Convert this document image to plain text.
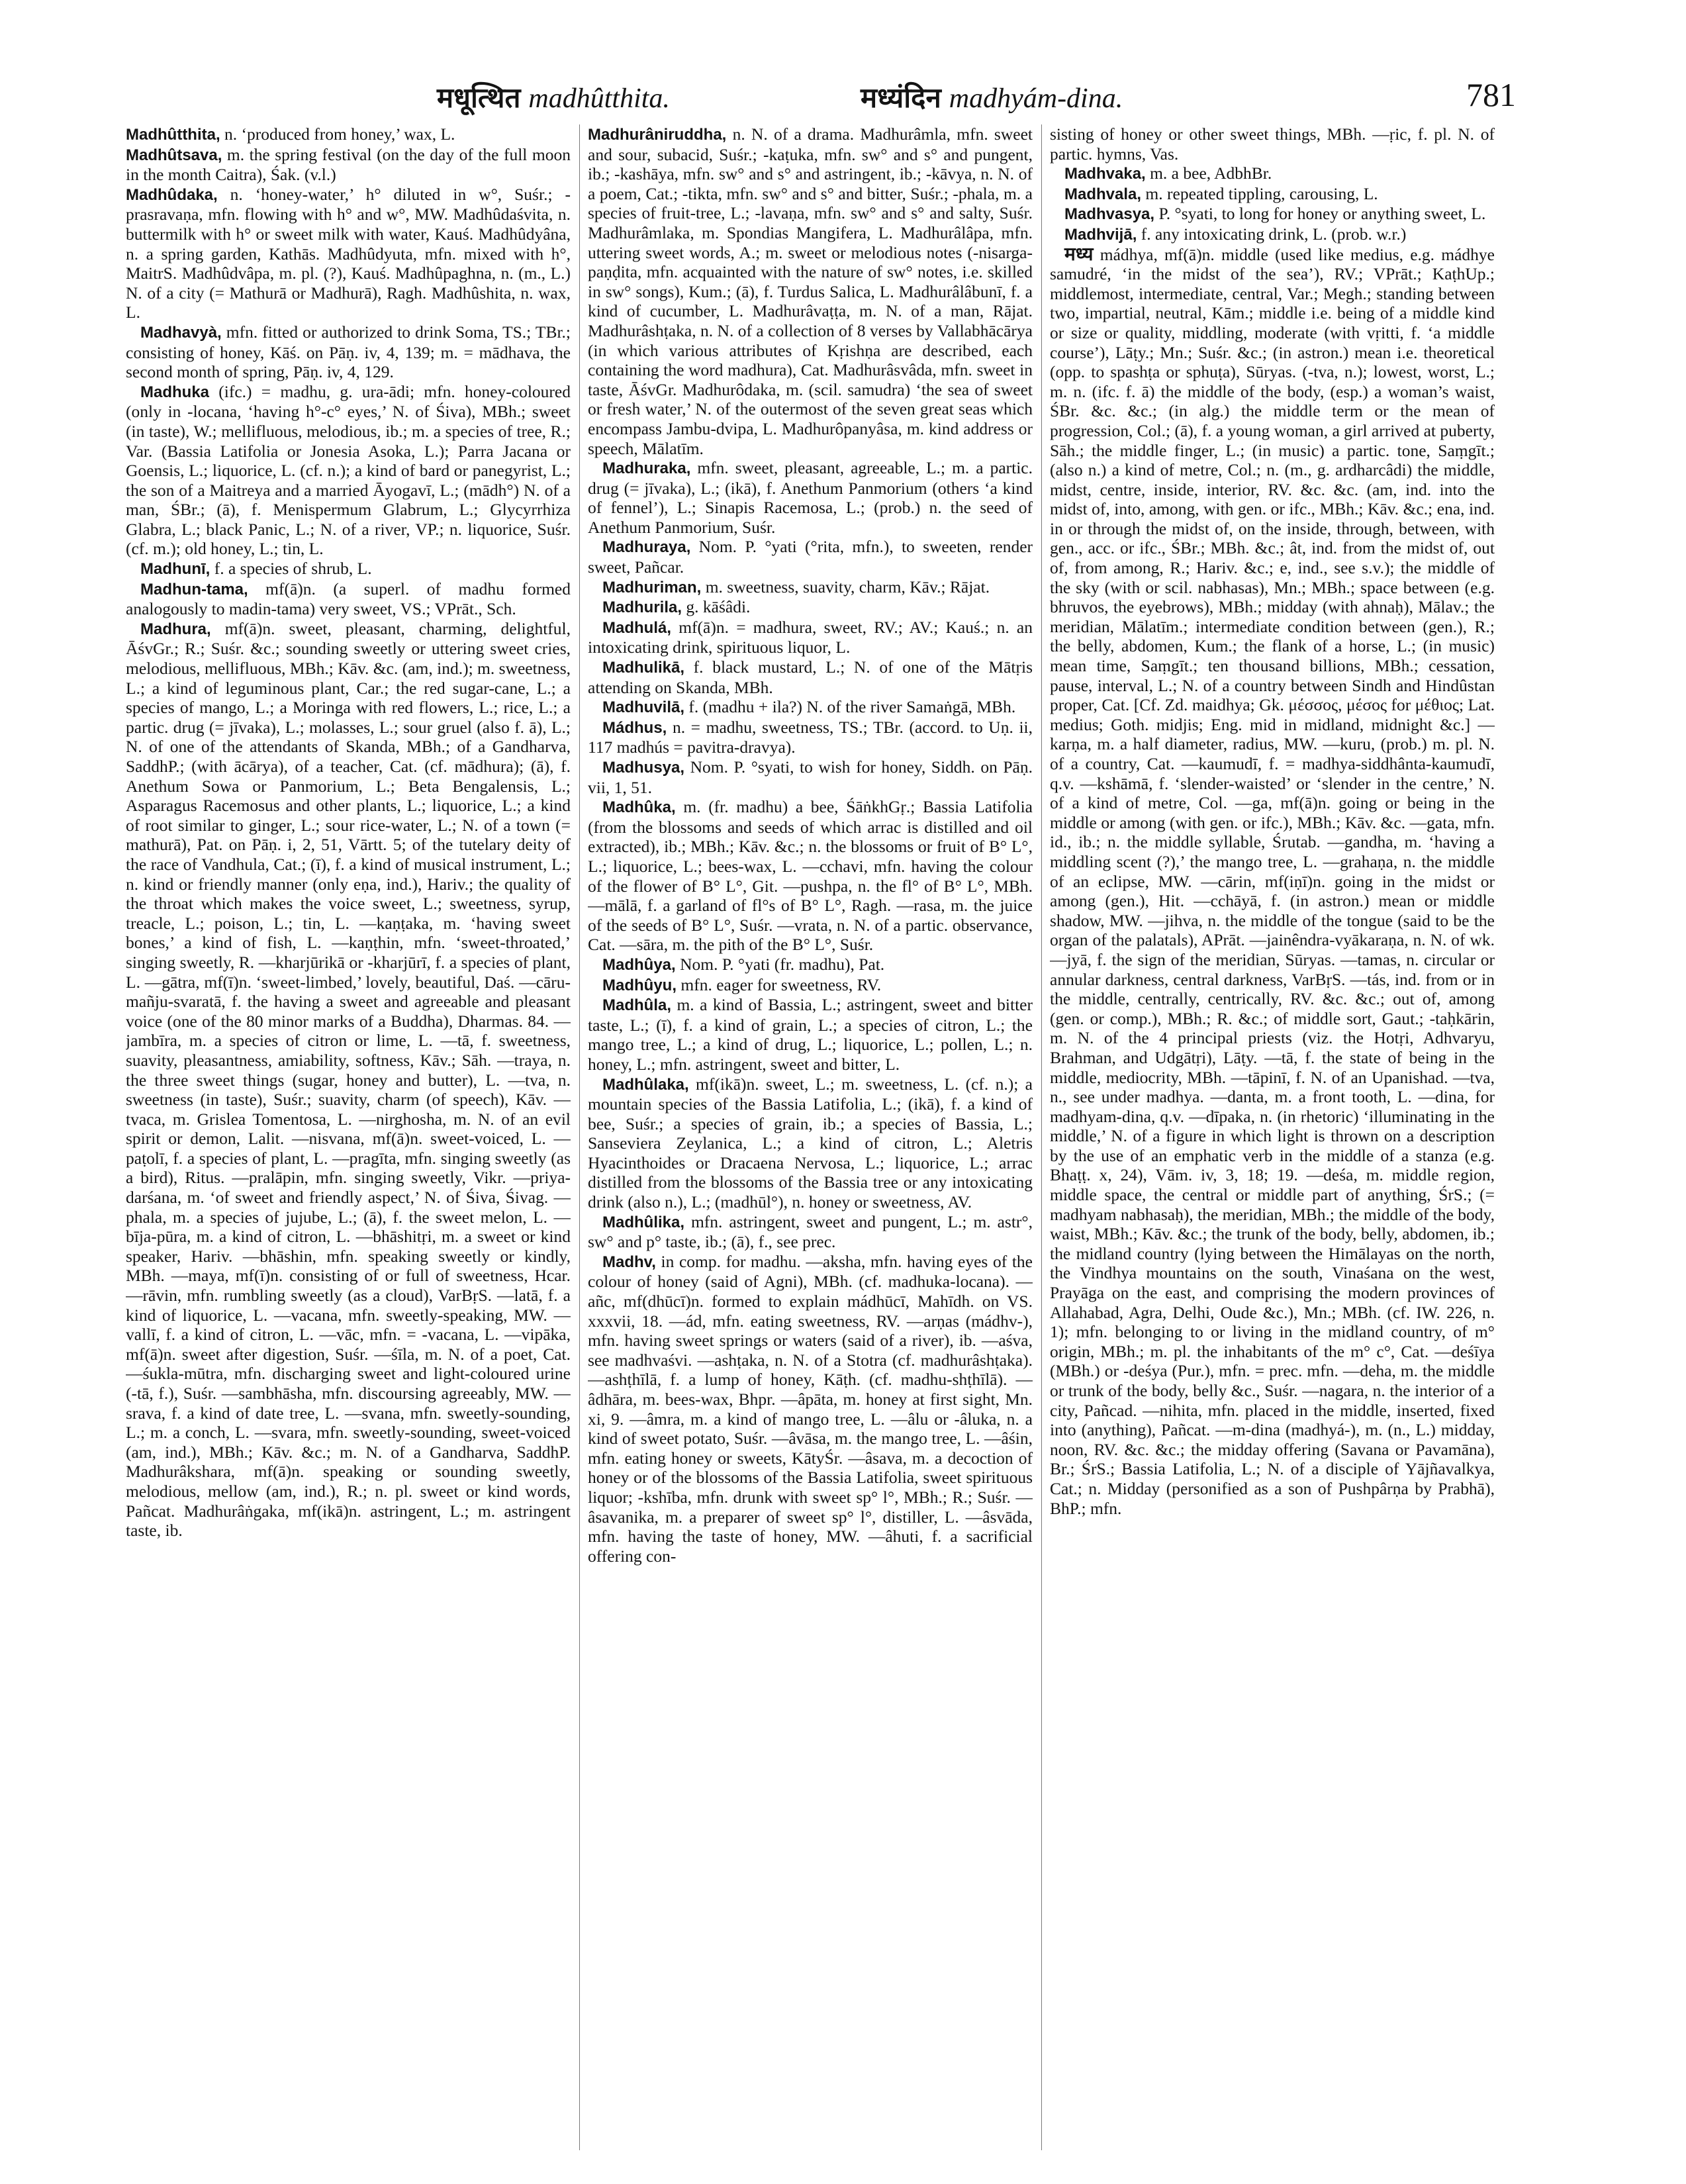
मधूत्थित madhûtthita.	मध्यंदिन madhyám-dina.	781

Madhûtthita, n. ‘produced from honey,’ wax, L.

Madhûtsava, m. the spring festival (on the day of the full moon in the month Caitra), Śak. (v.l.)

Madhûdaka, n. ‘honey-water,’ h° diluted in w°, Suśr.; -prasravaṇa, mfn. flowing with h° and w°, MW. Madhûdaśvita, n. buttermilk with h° or sweet milk with water, Kauś. Madhûdyâna, n. a spring garden, Kathās. Madhûdyuta, mfn. mixed with h°, MaitrS. Madhûdvâpa, m. pl. (?), Kauś. Madhûpaghna, n. (m., L.) N. of a city (= Mathurā or Madhurā), Ragh. Madhûshita, n. wax, L.

Madhavyà, mfn. fitted or authorized to drink Soma, TS.; TBr.; consisting of honey, Kāś. on Pāṇ. iv, 4, 139; m. = mādhava, the second month of spring, Pāṇ. iv, 4, 129.

Madhuka (ifc.) = madhu, g. ura-ādi; mfn. honey-coloured (only in -locana, ‘having h°-c° eyes,’ N. of Śiva), MBh.; sweet (in taste), W.; mellifluous, melodious, ib.; m. a species of tree, R.; Var. (Bassia Latifolia or Jonesia Asoka, L.); Parra Jacana or Goensis, L.; liquorice, L. (cf. n.); a kind of bard or panegyrist, L.; the son of a Maitreya and a married Āyogavī, L.; (mādh°) N. of a man, ŚBr.; (ā), f. Menispermum Glabrum, L.; Glycyrrhiza Glabra, L.; black Panic, L.; N. of a river, VP.; n. liquorice, Suśr. (cf. m.); old honey, L.; tin, L.

Madhunī, f. a species of shrub, L.

Madhun-tama, mf(ā)n. (a superl. of madhu formed analogously to madin-tama) very sweet, VS.; VPrāt., Sch.

Madhura, mf(ā)n. sweet, pleasant, charming, delightful, ĀśvGr.; R.; Suśr. &c.; sounding sweetly or uttering sweet cries, melodious, mellifluous, MBh.; Kāv. &c. (am, ind.); m. sweetness, L.; a kind of leguminous plant, Car.; the red sugar-cane, L.; a species of mango, L.; a Moringa with red flowers, L.; rice, L.; a partic. drug (= jīvaka), L.; molasses, L.; sour gruel (also f. ā), L.; N. of one of the attendants of Skanda, MBh.; of a Gandharva, SaddhP.; (with ācārya), of a teacher, Cat. (cf. mādhura); (ā), f. Anethum Sowa or Panmorium, L.; Beta Bengalensis, L.; Asparagus Racemosus and other plants, L.; liquorice, L.; a kind of root similar to ginger, L.; sour rice-water, L.; N. of a town (= mathurā), Pat. on Pāṇ. i, 2, 51, Vārtt. 5; of the tutelary deity of the race of Vandhula, Cat.; (ī), f. a kind of musical instrument, L.; n. kind or friendly manner (only eṇa, ind.), Hariv.; the quality of the throat which makes the voice sweet, L.; sweetness, syrup, treacle, L.; poison, L.; tin, L. —kaṇṭaka, m. ‘having sweet bones,’ a kind of fish, L. —kaṇṭhin, mfn. ‘sweet-throated,’ singing sweetly, R. —kharjūrikā or -kharjūrī, f. a species of plant, L. —gātra, mf(ī)n. ‘sweet-limbed,’ lovely, beautiful, Daś. —cāru-mañju-svaratā, f. the having a sweet and agreeable and pleasant voice (one of the 80 minor marks of a Buddha), Dharmas. 84. —jambīra, m. a species of citron or lime, L. —tā, f. sweetness, suavity, pleasantness, amiability, softness, Kāv.; Sāh. —traya, n. the three sweet things (sugar, honey and butter), L. —tva, n. sweetness (in taste), Suśr.; suavity, charm (of speech), Kāv. —tvaca, m. Grislea Tomentosa, L. —nirghosha, m. N. of an evil spirit or demon, Lalit. —nisvana, mf(ā)n. sweet-voiced, L. —paṭolī, f. a species of plant, L. —pragīta, mfn. singing sweetly (as a bird), Ritus. —pralāpin, mfn. singing sweetly, Vikr. —priya-darśana, m. ‘of sweet and friendly aspect,’ N. of Śiva, Śivag. —phala, m. a species of jujube, L.; (ā), f. the sweet melon, L. —bīja-pūra, m. a kind of citron, L. —bhāshitṛi, m. a sweet or kind speaker, Hariv. —bhāshin, mfn. speaking sweetly or kindly, MBh. —maya, mf(ī)n. consisting of or full of sweetness, Hcar. —rāvin, mfn. rumbling sweetly (as a cloud), VarBṛS. —latā, f. a kind of liquorice, L. —vacana, mfn. sweetly-speaking, MW. —vallī, f. a kind of citron, L. —vāc, mfn. = -vacana, L. —vipāka, mf(ā)n. sweet after digestion, Suśr. —śīla, m. N. of a poet, Cat. —śukla-mūtra, mfn. discharging sweet and light-coloured urine (-tā, f.), Suśr. —sambhāsha, mfn. discoursing agreeably, MW. —srava, f. a kind of date tree, L. —svana, mfn. sweetly-sounding, L.; m. a conch, L. —svara, mfn. sweetly-sounding, sweet-voiced (am, ind.), MBh.; Kāv. &c.; m. N. of a Gandharva, SaddhP. Madhurâkshara, mf(ā)n. speaking or sounding sweetly, melodious, mellow (am, ind.), R.; n. pl. sweet or kind words, Pañcat. Madhurâṅgaka, mf(ikā)n. astringent, L.; m. astringent taste, ib.

Madhurâniruddha, n. N. of a drama. Madhurâmla, mfn. sweet and sour, subacid, Suśr.; -kaṭuka, mfn. sw° and s° and pungent, ib.; -kashāya, mfn. sw° and s° and astringent, ib.; -kāvya, n. N. of a poem, Cat.; -tikta, mfn. sw° and s° and bitter, Suśr.; -phala, m. a species of fruit-tree, L.; -lavaṇa, mfn. sw° and s° and salty, Suśr. Madhurâmlaka, m. Spondias Mangifera, L. Madhurâlâpa, mfn. uttering sweet words, A.; m. sweet or melodious notes (-nisarga-paṇḍita, mfn. acquainted with the nature of sw° notes, i.e. skilled in sw° songs), Kum.; (ā), f. Turdus Salica, L. Madhurâlâbunī, f. a kind of cucumber, L. Madhurâvaṭṭa, m. N. of a man, Rājat. Madhurâshṭaka, n. N. of a collection of 8 verses by Vallabhācārya (in which various attributes of Kṛishṇa are described, each containing the word madhura), Cat. Madhurâsvâda, mfn. sweet in taste, ĀśvGr. Madhurôdaka, m. (scil. samudra) ‘the sea of sweet or fresh water,’ N. of the outermost of the seven great seas which encompass Jambu-dvipa, L. Madhurôpanyâsa, m. kind address or speech, Mālatīm.

Madhuraka, mfn. sweet, pleasant, agreeable, L.; m. a partic. drug (= jīvaka), L.; (ikā), f. Anethum Panmorium (others ‘a kind of fennel’), L.; Sinapis Racemosa, L.; (prob.) n. the seed of Anethum Panmorium, Suśr.

Madhuraya, Nom. P. °yati (°rita, mfn.), to sweeten, render sweet, Pañcar.

Madhuriman, m. sweetness, suavity, charm, Kāv.; Rājat.

Madhurila, g. kāśâdi.

Madhulá, mf(ā)n. = madhura, sweet, RV.; AV.; Kauś.; n. an intoxicating drink, spirituous liquor, L.

Madhulikā, f. black mustard, L.; N. of one of the Mātṛis attending on Skanda, MBh.

Madhuvilā, f. (madhu + ila?) N. of the river Samaṅgā, MBh.

Mádhus, n. = madhu, sweetness, TS.; TBr. (accord. to Uṇ. ii, 117 madhús = pavitra-dravya).

Madhusya, Nom. P. °syati, to wish for honey, Siddh. on Pāṇ. vii, 1, 51.

Madhûka, m. (fr. madhu) a bee, ŚāṅkhGṛ.; Bassia Latifolia (from the blossoms and seeds of which arrac is distilled and oil extracted), ib.; MBh.; Kāv. &c.; n. the blossoms or fruit of B° L°, L.; liquorice, L.; bees-wax, L. —cchavi, mfn. having the colour of the flower of B° L°, Git. —pushpa, n. the fl° of B° L°, MBh. —mālā, f. a garland of fl°s of B° L°, Ragh. —rasa, m. the juice of the seeds of B° L°, Suśr. —vrata, n. N. of a partic. observance, Cat. —sāra, m. the pith of the B° L°, Suśr.

Madhûya, Nom. P. °yati (fr. madhu), Pat.

Madhûyu, mfn. eager for sweetness, RV.

Madhûla, m. a kind of Bassia, L.; astringent, sweet and bitter taste, L.; (ī), f. a kind of grain, L.; a species of citron, L.; the mango tree, L.; a kind of drug, L.; liquorice, L.; pollen, L.; n. honey, L.; mfn. astringent, sweet and bitter, L.

Madhûlaka, mf(ikā)n. sweet, L.; m. sweetness, L. (cf. n.); a mountain species of the Bassia Latifolia, L.; (ikā), f. a kind of bee, Suśr.; a species of grain, ib.; a species of Bassia, L.; Sanseviera Zeylanica, L.; a kind of citron, L.; Aletris Hyacinthoides or Dracaena Nervosa, L.; liquorice, L.; arrac distilled from the blossoms of the Bassia tree or any intoxicating drink (also n.), L.; (madhūl°), n. honey or sweetness, AV.

Madhûlika, mfn. astringent, sweet and pungent, L.; m. astr°, sw° and p° taste, ib.; (ā), f., see prec.

Madhv, in comp. for madhu. —aksha, mfn. having eyes of the colour of honey (said of Agni), MBh. (cf. madhuka-locana). —añc, mf(dhūcī)n. formed to explain mádhūcī, Mahīdh. on VS. xxxvii, 18. —ád, mfn. eating sweetness, RV. —arṇas (mádhv-), mfn. having sweet springs or waters (said of a river), ib. —aśva, see madhvaśvi. —ashṭaka, n. N. of a Stotra (cf. madhurâshṭaka). —ashṭhīlā, f. a lump of honey, Kāṭh. (cf. madhu-shṭhīlā). —âdhāra, m. bees-wax, Bhpr. —âpāta, m. honey at first sight, Mn. xi, 9. —âmra, m. a kind of mango tree, L. —âlu or -âluka, n. a kind of sweet potato, Suśr. —âvāsa, m. the mango tree, L. —âśin, mfn. eating honey or sweets, KātyŚr. —âsava, m. a decoction of honey or of the blossoms of the Bassia Latifolia, sweet spirituous liquor; -kshība, mfn. drunk with sweet sp° l°, MBh.; R.; Suśr. —âsavanika, m. a preparer of sweet sp° l°, distiller, L. —âsvāda, mfn. having the taste of honey, MW. —âhuti, f. a sacrificial offering con-

sisting of honey or other sweet things, MBh. —ṛic, f. pl. N. of partic. hymns, Vas.

Madhvaka, m. a bee, AdbhBr.

Madhvala, m. repeated tippling, carousing, L.

Madhvasya, P. °syati, to long for honey or anything sweet, L.

Madhvijā, f. any intoxicating drink, L. (prob. w.r.)

मध्य mádhya, mf(ā)n. middle (used like medius, e.g. mádhye samudré, ‘in the midst of the sea’), RV.; VPrāt.; KaṭhUp.; middlemost, intermediate, central, Var.; Megh.; standing between two, impartial, neutral, Kām.; middle i.e. being of a middle kind or size or quality, middling, moderate (with vṛitti, f. ‘a middle course’), Lāṭy.; Mn.; Suśr. &c.; (in astron.) mean i.e. theoretical (opp. to spashṭa or sphuṭa), Sūryas. (-tva, n.); lowest, worst, L.; m. n. (ifc. f. ā) the middle of the body, (esp.) a woman’s waist, ŚBr. &c. &c.; (in alg.) the middle term or the mean of progression, Col.; (ā), f. a young woman, a girl arrived at puberty, Sāh.; the middle finger, L.; (in music) a partic. tone, Saṃgīt.; (also n.) a kind of metre, Col.; n. (m., g. ardharcâdi) the middle, midst, centre, inside, interior, RV. &c. &c. (am, ind. into the midst of, into, among, with gen. or ifc., MBh.; Kāv. &c.; ena, ind. in or through the midst of, on the inside, through, between, with gen., acc. or ifc., ŚBr.; MBh. &c.; ât, ind. from the midst of, out of, from among, R.; Hariv. &c.; e, ind., see s.v.); the middle of the sky (with or scil. nabhasas), Mn.; MBh.; space between (e.g. bhruvos, the eyebrows), MBh.; midday (with ahnaḥ), Mālav.; the meridian, Mālatīm.; intermediate condition between (gen.), R.; the belly, abdomen, Kum.; the flank of a horse, L.; (in music) mean time, Saṃgīt.; ten thousand billions, MBh.; cessation, pause, interval, L.; N. of a country between Sindh and Hindûstan proper, Cat. [Cf. Zd. maidhya; Gk. μέσσος, μέσος for μέθιος; Lat. medius; Goth. midjis; Eng. mid in midland, midnight &c.] —karṇa, m. a half diameter, radius, MW. —kuru, (prob.) m. pl. N. of a country, Cat. —kaumudī, f. = madhya-siddhânta-kaumudī, q.v. —kshāmā, f. ‘slender-waisted’ or ‘slender in the centre,’ N. of a kind of metre, Col. —ga, mf(ā)n. going or being in the middle or among (with gen. or ifc.), MBh.; Kāv. &c. —gata, mfn. id., ib.; n. the middle syllable, Śrutab. —gandha, m. ‘having a middling scent (?),’ the mango tree, L. —grahaṇa, n. the middle of an eclipse, MW. —cārin, mf(iṇī)n. going in the midst or among (gen.), Hit. —cchāyā, f. (in astron.) mean or middle shadow, MW. —jihva, n. the middle of the tongue (said to be the organ of the palatals), APrāt. —jainêndra-vyākaraṇa, n. N. of wk. —jyā, f. the sign of the meridian, Sūryas. —tamas, n. circular or annular darkness, central darkness, VarBṛS. —tás, ind. from or in the middle, centrally, centrically, RV. &c. &c.; out of, among (gen. or comp.), MBh.; R. &c.; of middle sort, Gaut.; -taḥkārin, m. N. of the 4 principal priests (viz. the Hotṛi, Adhvaryu, Brahman, and Udgātṛi), Lāṭy. —tā, f. the state of being in the middle, mediocrity, MBh. —tāpinī, f. N. of an Upanishad. —tva, n., see under madhya. —danta, m. a front tooth, L. —dina, for madhyam-dina, q.v. —dīpaka, n. (in rhetoric) ‘illuminating in the middle,’ N. of a figure in which light is thrown on a description by the use of an emphatic verb in the middle of a stanza (e.g. Bhaṭṭ. x, 24), Vām. iv, 3, 18; 19. —deśa, m. middle region, middle space, the central or middle part of anything, ŚrS.; (= madhyam nabhasaḥ), the meridian, MBh.; the middle of the body, waist, MBh.; Kāv. &c.; the trunk of the body, belly, abdomen, ib.; the midland country (lying between the Himālayas on the north, the Vindhya mountains on the south, Vinaśana on the west, Prayāga on the east, and comprising the modern provinces of Allahabad, Agra, Delhi, Oude &c.), Mn.; MBh. (cf. IW. 226, n. 1); mfn. belonging to or living in the midland country, of m° origin, MBh.; m. pl. the inhabitants of the m° c°, Cat. —deśīya (MBh.) or -deśya (Pur.), mfn. = prec. mfn. —deha, m. the middle or trunk of the body, belly &c., Suśr. —nagara, n. the interior of a city, Pañcad. —nihita, mfn. placed in the middle, inserted, fixed into (anything), Pañcat. —m-dina (madhyá-), m. (n., L.) midday, noon, RV. &c. &c.; the midday offering (Savana or Pavamāna), Br.; ŚrS.; Bassia Latifolia, L.; N. of a disciple of Yājñavalkya, Cat.; n. Midday (personified as a son of Pushpârṇa by Prabhā), BhP.; mfn.
